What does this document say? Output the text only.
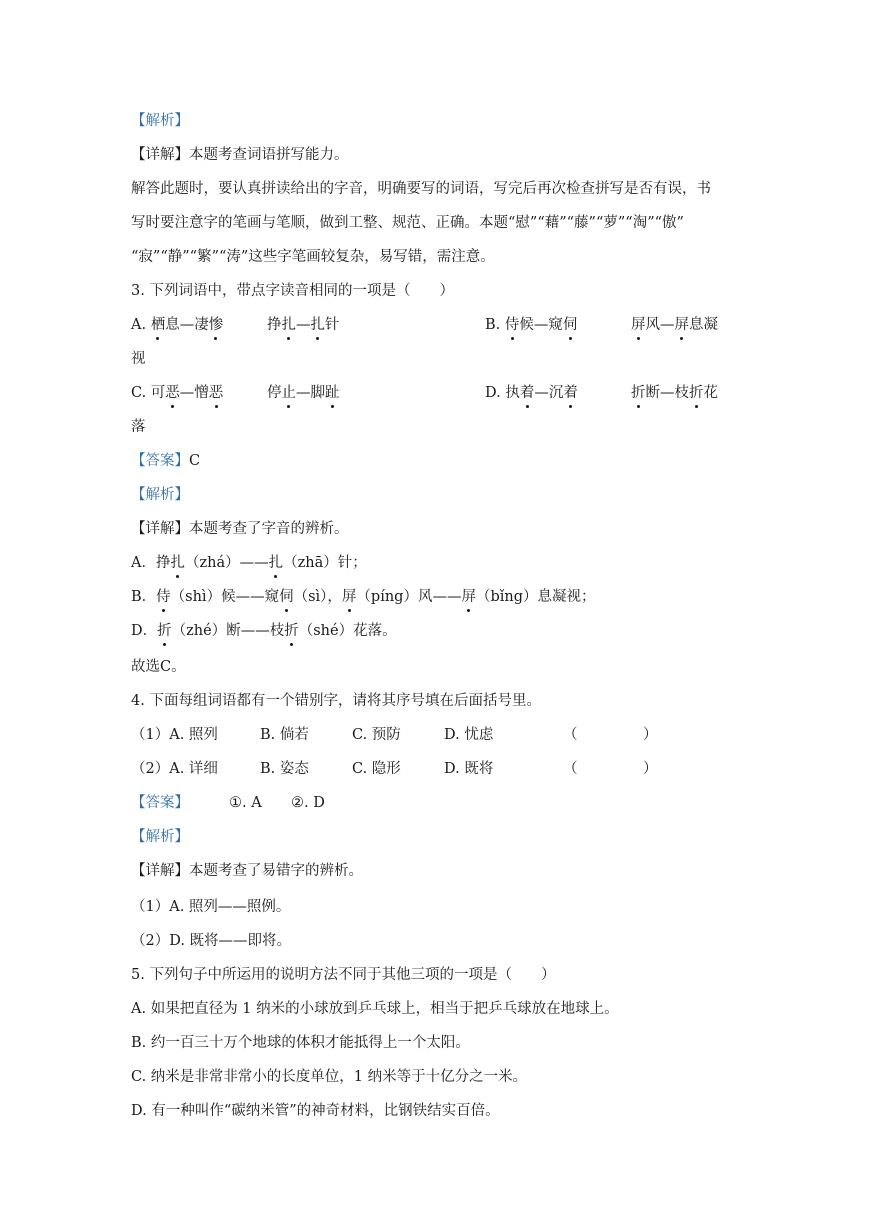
【解析】
【详解】本题考查词语拼写能力。
解答此题时，要认真拼读给出的字音，明确要写的词语，写完后再次检查拼写是否有误，书
写时要注意字的笔画与笔顺，做到工整、规范、正确。本题“慰”“藉”“藤”“萝”“淘”“傲”
“寂”“静”“繁”“涛”这些字笔画较复杂，易写错，需注意。
3. 下列词语中，带点字读音相同的一项是（　　）
A. 栖息—凄惨	挣扎—扎针	B. 侍候—窥伺	屏风—屏息凝
视
C. 可恶—憎恶	停止—脚趾	D. 执着—沉着	折断—枝折花
落
【答案】C
【解析】
【详解】本题考查了字音的辨析。
A．挣扎（zhá）——扎（zhā）针；
B．侍（shì）候——窥伺（sì），屏（píng）风——屏（bǐng）息凝视；
D．折（zhé）断——枝折（shé）花落。
故选C。
4. 下面每组词语都有一个错别字，请将其序号填在后面括号里。
（1）A. 照列	B. 倘若	C. 预防	D. 忧虑	（	）
（2）A. 详细	B. 姿态	C. 隐形	D. 既将	（	）
【答案】	①. A ②. D
【解析】
【详解】本题考查了易错字的辨析。
（1）A. 照列——照例。
（2）D. 既将——即将。
5. 下列句子中所运用的说明方法不同于其他三项的一项是（　　）
A. 如果把直径为 1 纳米的小球放到乒乓球上，相当于把乒乓球放在地球上。
B. 约一百三十万个地球的体积才能抵得上一个太阳。
C. 纳米是非常非常小的长度单位，1 纳米等于十亿分之一米。
D. 有一种叫作“碳纳米管”的神奇材料，比钢铁结实百倍。
